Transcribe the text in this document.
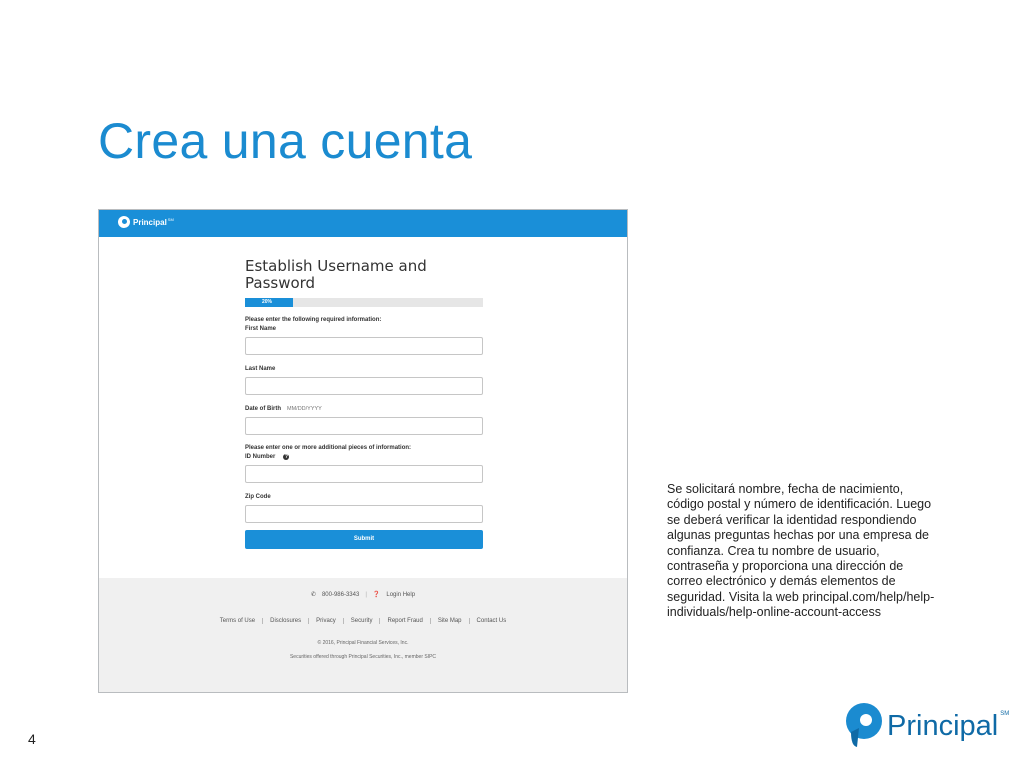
Crea una cuenta
Principal SM
Establish Username and Password
20%
Please enter the following required information:
First Name
Last Name
Date of Birth MM/DD/YYYY
Please enter one or more additional pieces of information:
ID Number ?
Zip Code
Submit
✆ 800-986-3343 | ❓ Login Help
Terms of Use	Disclosures	Privacy	Security	Report Fraud	Site Map	Contact Us
© 2016, Principal Financial Services, Inc.
Securities offered through Principal Securities, Inc., member SIPC
Se solicitará nombre, fecha de nacimiento, código postal y número de identificación. Luego se deberá verificar la identidad respondiendo algunas preguntas hechas por una empresa de confianza. Crea tu nombre de usuario, contraseña y proporciona una dirección de correo electrónico y demás elementos de seguridad. Visita la web principal.com/help/help-individuals/help-online-account-access
4	Principal SM
